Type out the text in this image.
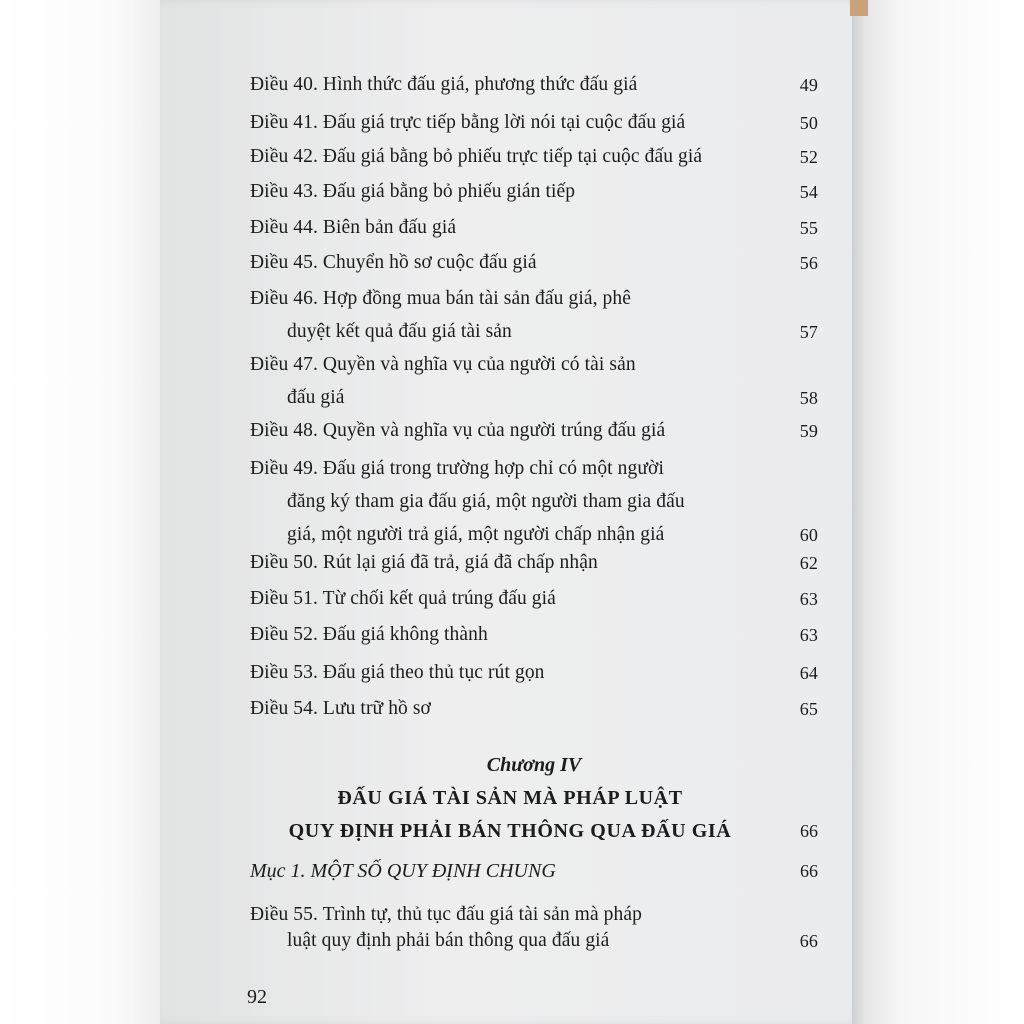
Điều 40. Hình thức đấu giá, phương thức đấu giá	49
Điều 41. Đấu giá trực tiếp bằng lời nói tại cuộc đấu giá	50
Điều 42. Đấu giá bằng bỏ phiếu trực tiếp tại cuộc đấu giá	52
Điều 43. Đấu giá bằng bỏ phiếu gián tiếp	54
Điều 44. Biên bản đấu giá	55
Điều 45. Chuyển hồ sơ cuộc đấu giá	56
Điều 46. Hợp đồng mua bán tài sản đấu giá, phê
duyệt kết quả đấu giá tài sản	57
Điều 47. Quyền và nghĩa vụ của người có tài sản
đấu giá	58
Điều 48. Quyền và nghĩa vụ của người trúng đấu giá	59
Điều 49. Đấu giá trong trường hợp chỉ có một người
đăng ký tham gia đấu giá, một người tham gia đấu
giá, một người trả giá, một người chấp nhận giá	60
Điều 50. Rút lại giá đã trả, giá đã chấp nhận	62
Điều 51. Từ chối kết quả trúng đấu giá	63
Điều 52. Đấu giá không thành	63
Điều 53. Đấu giá theo thủ tục rút gọn	64
Điều 54. Lưu trữ hồ sơ	65
Chương IV
ĐẤU GIÁ TÀI SẢN MÀ PHÁP LUẬT
QUY ĐỊNH PHẢI BÁN THÔNG QUA ĐẤU GIÁ	66
Mục 1. MỘT SỐ QUY ĐỊNH CHUNG	66
Điều 55. Trình tự, thủ tục đấu giá tài sản mà pháp
luật quy định phải bán thông qua đấu giá	66
92
